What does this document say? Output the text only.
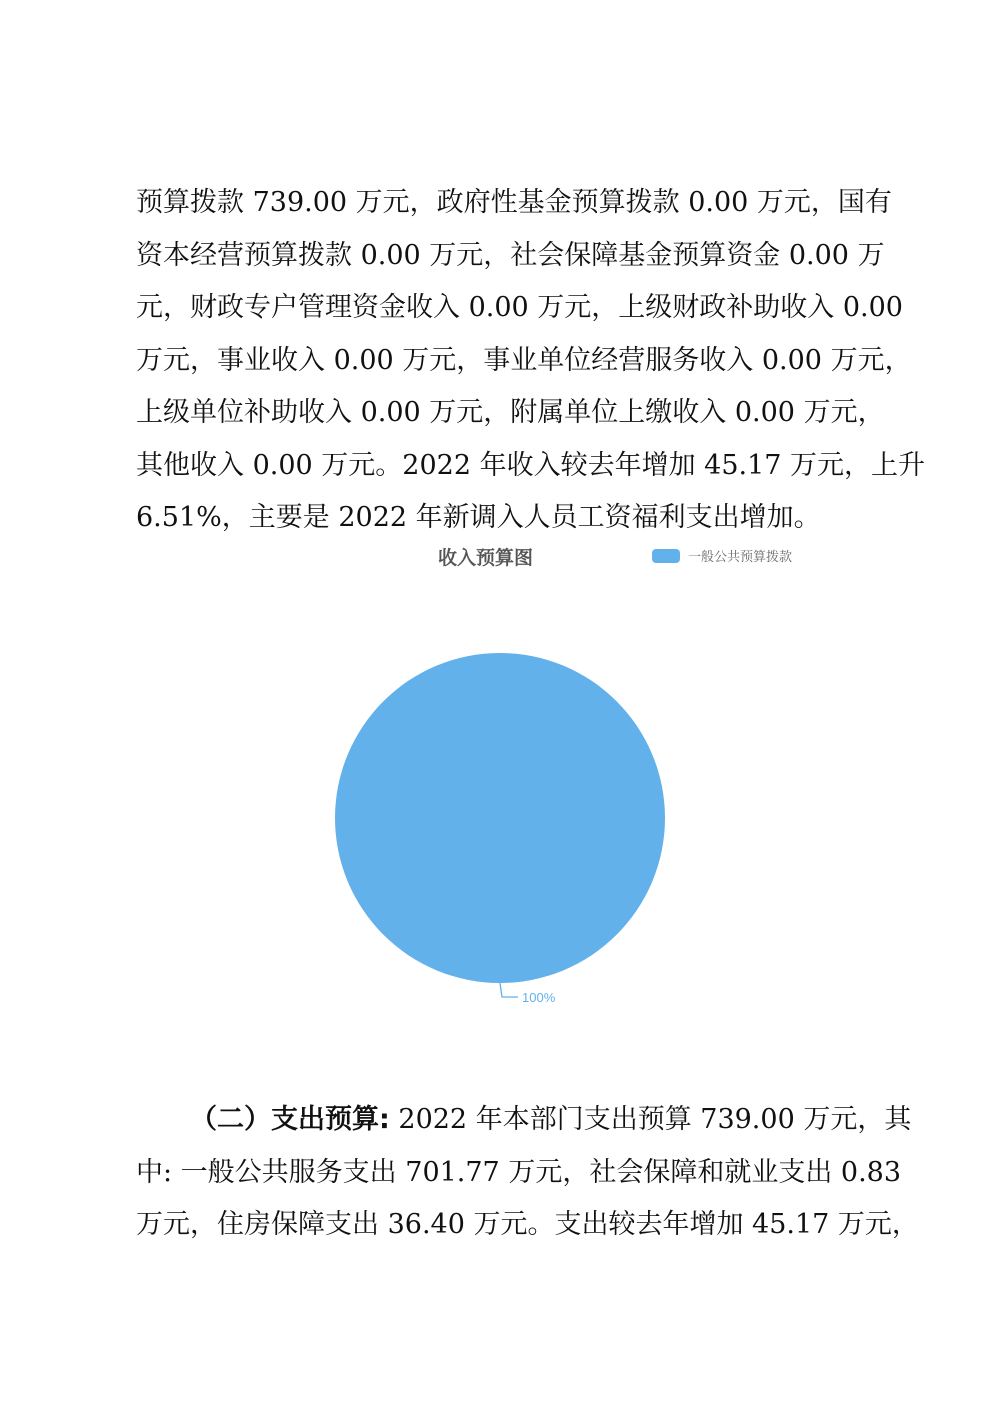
预算拨款 739.00 万元，政府性基金预算拨款 0.00 万元，国有
资本经营预算拨款 0.00 万元，社会保障基金预算资金 0.00 万
元，财政专户管理资金收入 0.00 万元，上级财政补助收入 0.00
万元，事业收入 0.00 万元，事业单位经营服务收入 0.00 万元，
上级单位补助收入 0.00 万元，附属单位上缴收入 0.00 万元，
其他收入 0.00 万元。2022 年收入较去年增加 45.17 万元，上升
6.51%，主要是 2022 年新调入人员工资福利支出增加。
收入预算图	一般公共预算拨款
100%
（二）支出预算: 2022 年本部门支出预算 739.00 万元，其
中: 一般公共服务支出 701.77 万元，社会保障和就业支出 0.83
万元，住房保障支出 36.40 万元。支出较去年增加 45.17 万元，
